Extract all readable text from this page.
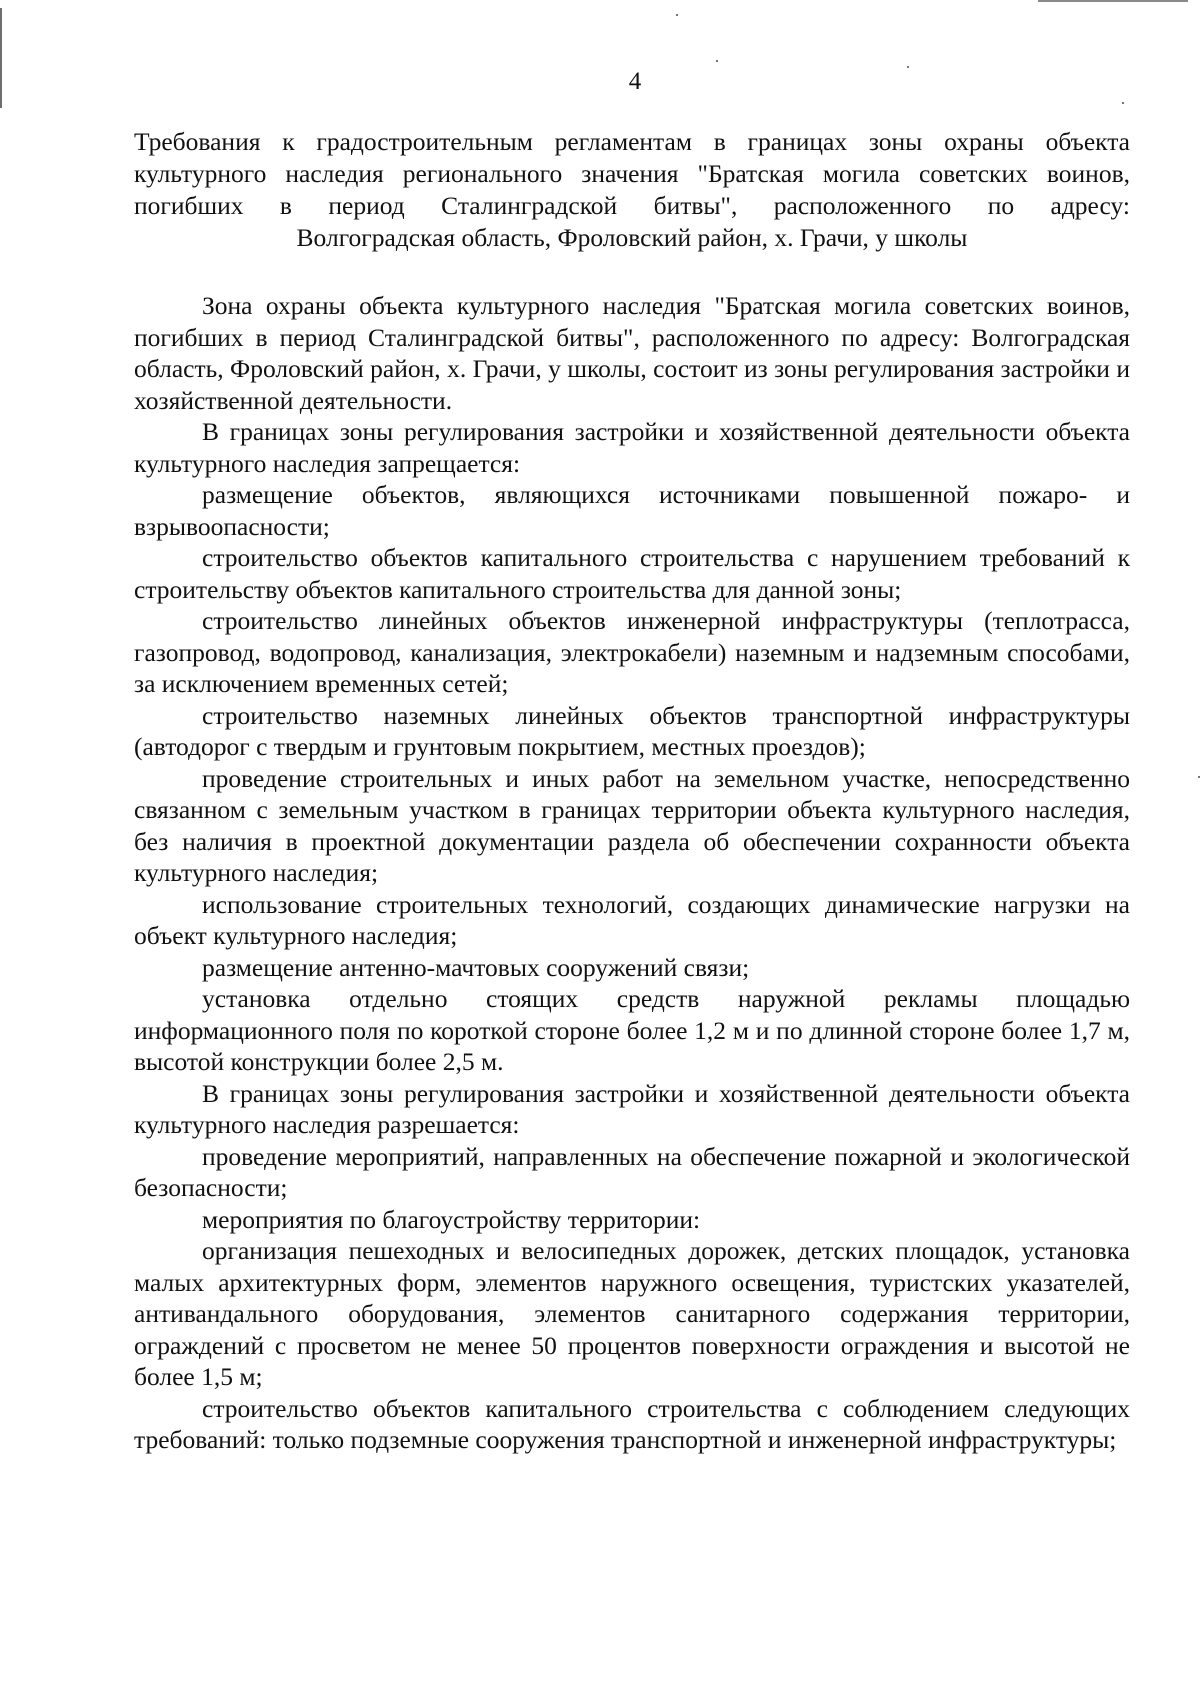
4
Требования к градостроительным регламентам в границах зоны охраны объекта
культурного наследия регионального значения "Братская могила советских воинов,
погибших в период Сталинградской битвы", расположенного по адресу:
Волгоградская область, Фроловский район, х. Грачи, у школы

Зона охраны объекта культурного наследия "Братская могила советских воинов, погибших в период Сталинградской битвы", расположенного по адресу: Волгоградская область, Фроловский район, х. Грачи, у школы, состоит из зоны регулирования застройки и хозяйственной деятельности.

В границах зоны регулирования застройки и хозяйственной деятельности объекта культурного наследия запрещается:

размещение объектов, являющихся источниками повышенной пожаро- и взрывоопасности;

строительство объектов капитального строительства с нарушением требований к строительству объектов капитального строительства для данной зоны;

строительство линейных объектов инженерной инфраструктуры (теплотрасса, газопровод, водопровод, канализация, электрокабели) наземным и надземным способами, за исключением временных сетей;

строительство наземных линейных объектов транспортной инфраструктуры (автодорог с твердым и грунтовым покрытием, местных проездов);

проведение строительных и иных работ на земельном участке, непосредственно связанном с земельным участком в границах территории объекта культурного наследия, без наличия в проектной документации раздела об обеспечении сохранности объекта культурного наследия;

использование строительных технологий, создающих динамические нагрузки на объект культурного наследия;

размещение антенно-мачтовых сооружений связи;

установка отдельно стоящих средств наружной рекламы площадью информационного поля по короткой стороне более 1,2 м и по длинной стороне более 1,7 м, высотой конструкции более 2,5 м.

В границах зоны регулирования застройки и хозяйственной деятельности объекта культурного наследия разрешается:

проведение мероприятий, направленных на обеспечение пожарной и экологической безопасности;

мероприятия по благоустройству территории:

организация пешеходных и велосипедных дорожек, детских площадок, установка малых архитектурных форм, элементов наружного освещения, туристских указателей, антивандального оборудования, элементов санитарного содержания территории, ограждений с просветом не менее 50 процентов поверхности ограждения и высотой не более 1,5 м;

строительство объектов капитального строительства с соблюдением следующих требований: только подземные сооружения транспортной и инженерной инфраструктуры;
